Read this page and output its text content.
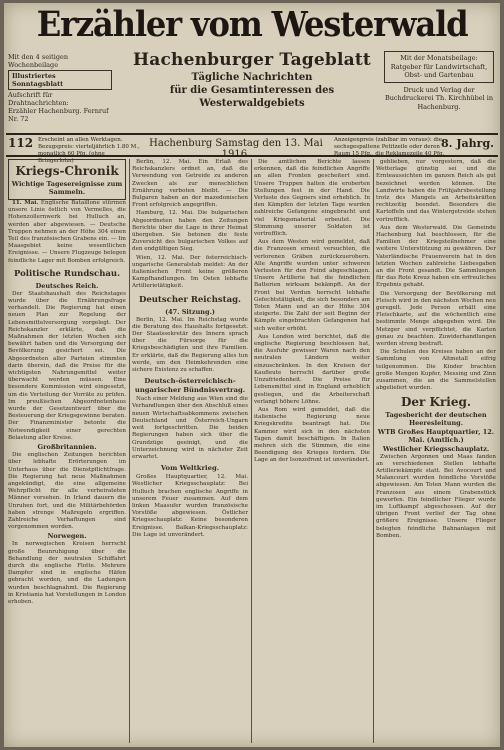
Erzähler vom Westerwald
Mit den 4 seitigen Wochenbeilage
Illustriertes Sonntagsblatt
Aufschrift für Drahtnachrichten:
Erzähler Hachenburg. Fernruf Nr. 72
Hachenburger Tageblatt
Tägliche Nachrichten
für die Gesamtinteressen des Westerwaldgebiets
Mit der Monatsbeilage: Ratgeber für Landwirtschaft, Obst- und Gartenbau
Druck und Verlag der Buchdruckerei Th. Kirchhübel in Hachenburg.
112 Erscheint an allen Werktagen. Bezugspreis: vierteljährlich 1.80 M., monatlich 60 Pfg. (ohne Bringerlohn)
Hachenburg Samstag den 13. Mai 1916.
Anzeigenpreis (zahlbar im voraus): die sechsgespaltene Petitzeile oder deren Raum 15 Pfg., die Reklamezeile 40 Pfg.
8. Jahrg.
Kriegs-Chronik
Wichtige Tagesereignisse zum Sammeln.

11. Mai. Englische Bataillone stürmen unsere Linie östlich von Vermelles, die Hohenzollernwerk bei Hulluch an, werden aber abgewiesen. — Deutsche Truppen nehmen an der Höhe 304 einen Teil des französischen Grabens ein. — Im Maasgebiet keine wesentlichen Ereignisse. — Unsere Flugzeuge belegen feindliche Lager mit Bomben erfolgreich.

Politische Rundschau.
Deutsches Reich.

Der Staatshaushalt des Reichstages wurde über die Ernährungsfrage verhandelt. Die Regierung hat einen neuen Plan zur Regelung der Lebensmittelversorgung vorgelegt. Der Reichskanzler erklärte, daß die Maßnahmen der letzten Wochen sich bewährt haben und die Versorgung der Bevölkerung gesichert sei. Die Abgeordneten aller Parteien stimmten darin überein, daß die Preise für die wichtigsten Nahrungsmittel weiter überwacht werden müssen. Eine besondere Kommission wird eingesetzt, um die Verteilung der Vorräte zu prüfen. Im preußischen Abgeordnetenhaus wurde der Gesetzentwurf über die Besteuerung der Kriegsgewinne beraten. Der Finanzminister betonte die Notwendigkeit einer gerechten Belastung aller Kreise.

Großbritannien.

Die englischen Zeitungen berichten über lebhafte Erörterungen im Unterhaus über die Dienstpflichtfrage. Die Regierung hat neue Maßnahmen angekündigt, die eine allgemeine Wehrpflicht für alle verheirateten Männer vorsehen. In Irland dauern die Unruhen fort, und die Militärbehörden haben strenge Maßregeln ergriffen. Zahlreiche Verhaftungen sind vorgenommen worden.

Norwegen.

In norwegischen Kreisen herrscht große Beunruhigung über die Behandlung der neutralen Schiffahrt durch die englische Flotte. Mehrere Dampfer sind in englische Häfen gebracht worden, und die Ladungen wurden beschlagnahmt. Die Regierung in Kristiania hat Vorstellungen in London erhoben.

Berlin, 12. Mai. Ein Erlaß des Reichskanzlers ordnet an, daß die Verwendung von Getreide zu anderen Zwecken als zur menschlichen Ernährung verboten bleibt. — Die Bulgaren haben an der mazedonischen Front erfolgreich angegriffen.

Hamburg, 12. Mai. Die bulgarischen Abgeordneten haben den Zeitungen Berichte über die Lage in ihrer Heimat übergeben. Sie betonen die feste Zuversicht des bulgarischen Volkes auf den endgültigen Sieg.

Wien, 12. Mai. Der österreichisch-ungarische Generalstab meldet: An der italienischen Front keine größeren Kampfhandlungen. Im Osten lebhafte Artillerietätigkeit.

Deutscher Reichstag.
(47. Sitzung.)

Berlin, 12. Mai. Im Reichstag wurde die Beratung des Haushalts fortgesetzt. Der Staatssekretär des Innern sprach über die Fürsorge für die Kriegsbeschädigten und ihre Familien. Er erklärte, daß die Regierung alles tun werde, um den Heimkehrenden eine sichere Existenz zu schaffen.

Deutsch-österreichisch-ungarischer Bündnisvertrag.

Nach einer Meldung aus Wien sind die Verhandlungen über den Abschluß eines neuen Wirtschaftsabkommens zwischen Deutschland und Österreich-Ungarn weit fortgeschritten. Die beiden Regierungen haben sich über die Grundzüge geeinigt, und die Unterzeichnung wird in nächster Zeit erwartet.

Vom Weltkrieg.

Großes Hauptquartier, 12. Mai. Westlicher Kriegsschauplatz: Bei Hulluch brachen englische Angriffe in unserem Feuer zusammen. Auf dem linken Maasufer wurden französische Vorstöße abgewiesen. Östlicher Kriegsschauplatz: Keine besonderen Ereignisse. Balkan-Kriegsschauplatz: Die Lage ist unverändert.

Die amtlichen Berichte lassen erkennen, daß die feindlichen Angriffe an allen Fronten gescheitert sind. Unsere Truppen halten die eroberten Stellungen fest in der Hand. Die Verluste des Gegners sind erheblich. In den Kämpfen der letzten Tage wurden zahlreiche Gefangene eingebracht und viel Kriegsmaterial erbeutet. Die Stimmung unserer Soldaten ist vortrefflich.

Aus dem Westen wird gemeldet, daß die Franzosen erneut versuchten, die verlorenen Gräben zurückzuerobern. Alle Angriffe wurden unter schweren Verlusten für den Feind abgeschlagen. Unsere Artillerie hat die feindlichen Batterien wirksam bekämpft. An der Front bei Verdun herrscht lebhafte Gefechtstätigkeit, die sich besonders am Toten Mann und an der Höhe 304 steigerte. Die Zahl der seit Beginn der Kämpfe eingebrachten Gefangenen hat sich weiter erhöht.

Aus London wird berichtet, daß die englische Regierung beschlossen hat, die Ausfuhr gewisser Waren nach den neutralen Ländern weiter einzuschränken. In den Kreisen der Kaufleute herrscht darüber große Unzufriedenheit. Die Preise für Lebensmittel sind in England erheblich gestiegen, und die Arbeiterschaft verlangt höhere Löhne.

Aus Rom wird gemeldet, daß die italienische Regierung neue Kriegskredite beantragt hat. Die Kammer wird sich in den nächsten Tagen damit beschäftigen. In Italien mehren sich die Stimmen, die eine Beendigung des Krieges fordern. Die Lage an der Isonzofront ist unverändert.

geblieben, nur vorgestern, daß die Wetterlage günstig sei und die Ernteaussichten im ganzen Reich als gut bezeichnet werden können. Die Landwirte haben die Frühjahrsbestellung trotz des Mangels an Arbeitskräften rechtzeitig beendet. Besonders die Kartoffeln und das Wintergetreide stehen vortrefflich.

Aus dem Westerwald. Die Gemeinde Hachenburg hat beschlossen, für die Familien der Kriegsteilnehmer eine weitere Unterstützung zu gewähren. Der Vaterländische Frauenverein hat in den letzten Wochen zahlreiche Liebesgaben an die Front gesandt. Die Sammlungen für das Rote Kreuz haben ein erfreuliches Ergebnis gehabt.

Die Versorgung der Bevölkerung mit Fleisch wird in den nächsten Wochen neu geregelt. Jede Person erhält eine Fleischkarte, auf die wöchentlich eine bestimmte Menge abgegeben wird. Die Metzger sind verpflichtet, die Karten genau zu beachten. Zuwiderhandlungen werden streng bestraft.

Die Schulen des Kreises haben an der Sammlung von Altmetall eifrig teilgenommen. Die Kinder brachten große Mengen Kupfer, Messing und Zinn zusammen, die an die Sammelstellen abgeliefert wurden.

Der Krieg.
Tagesbericht der deutschen Heeresleitung.
WTB Großes Hauptquartier, 12. Mai. (Amtlich.)
Westlicher Kriegsschauplatz.

Zwischen Argonnen und Maas fanden an verschiedenen Stellen lebhafte Artilleriekämpfe statt. Bei Avocourt und Malancourt wurden feindliche Vorstöße abgewiesen. Am Toten Mann wurden die Franzosen aus einem Grabenstück geworfen. Ein feindlicher Flieger wurde im Luftkampf abgeschossen. Auf der übrigen Front verlief der Tag ohne größere Ereignisse. Unsere Flieger belegten feindliche Bahnanlagen mit Bomben.
